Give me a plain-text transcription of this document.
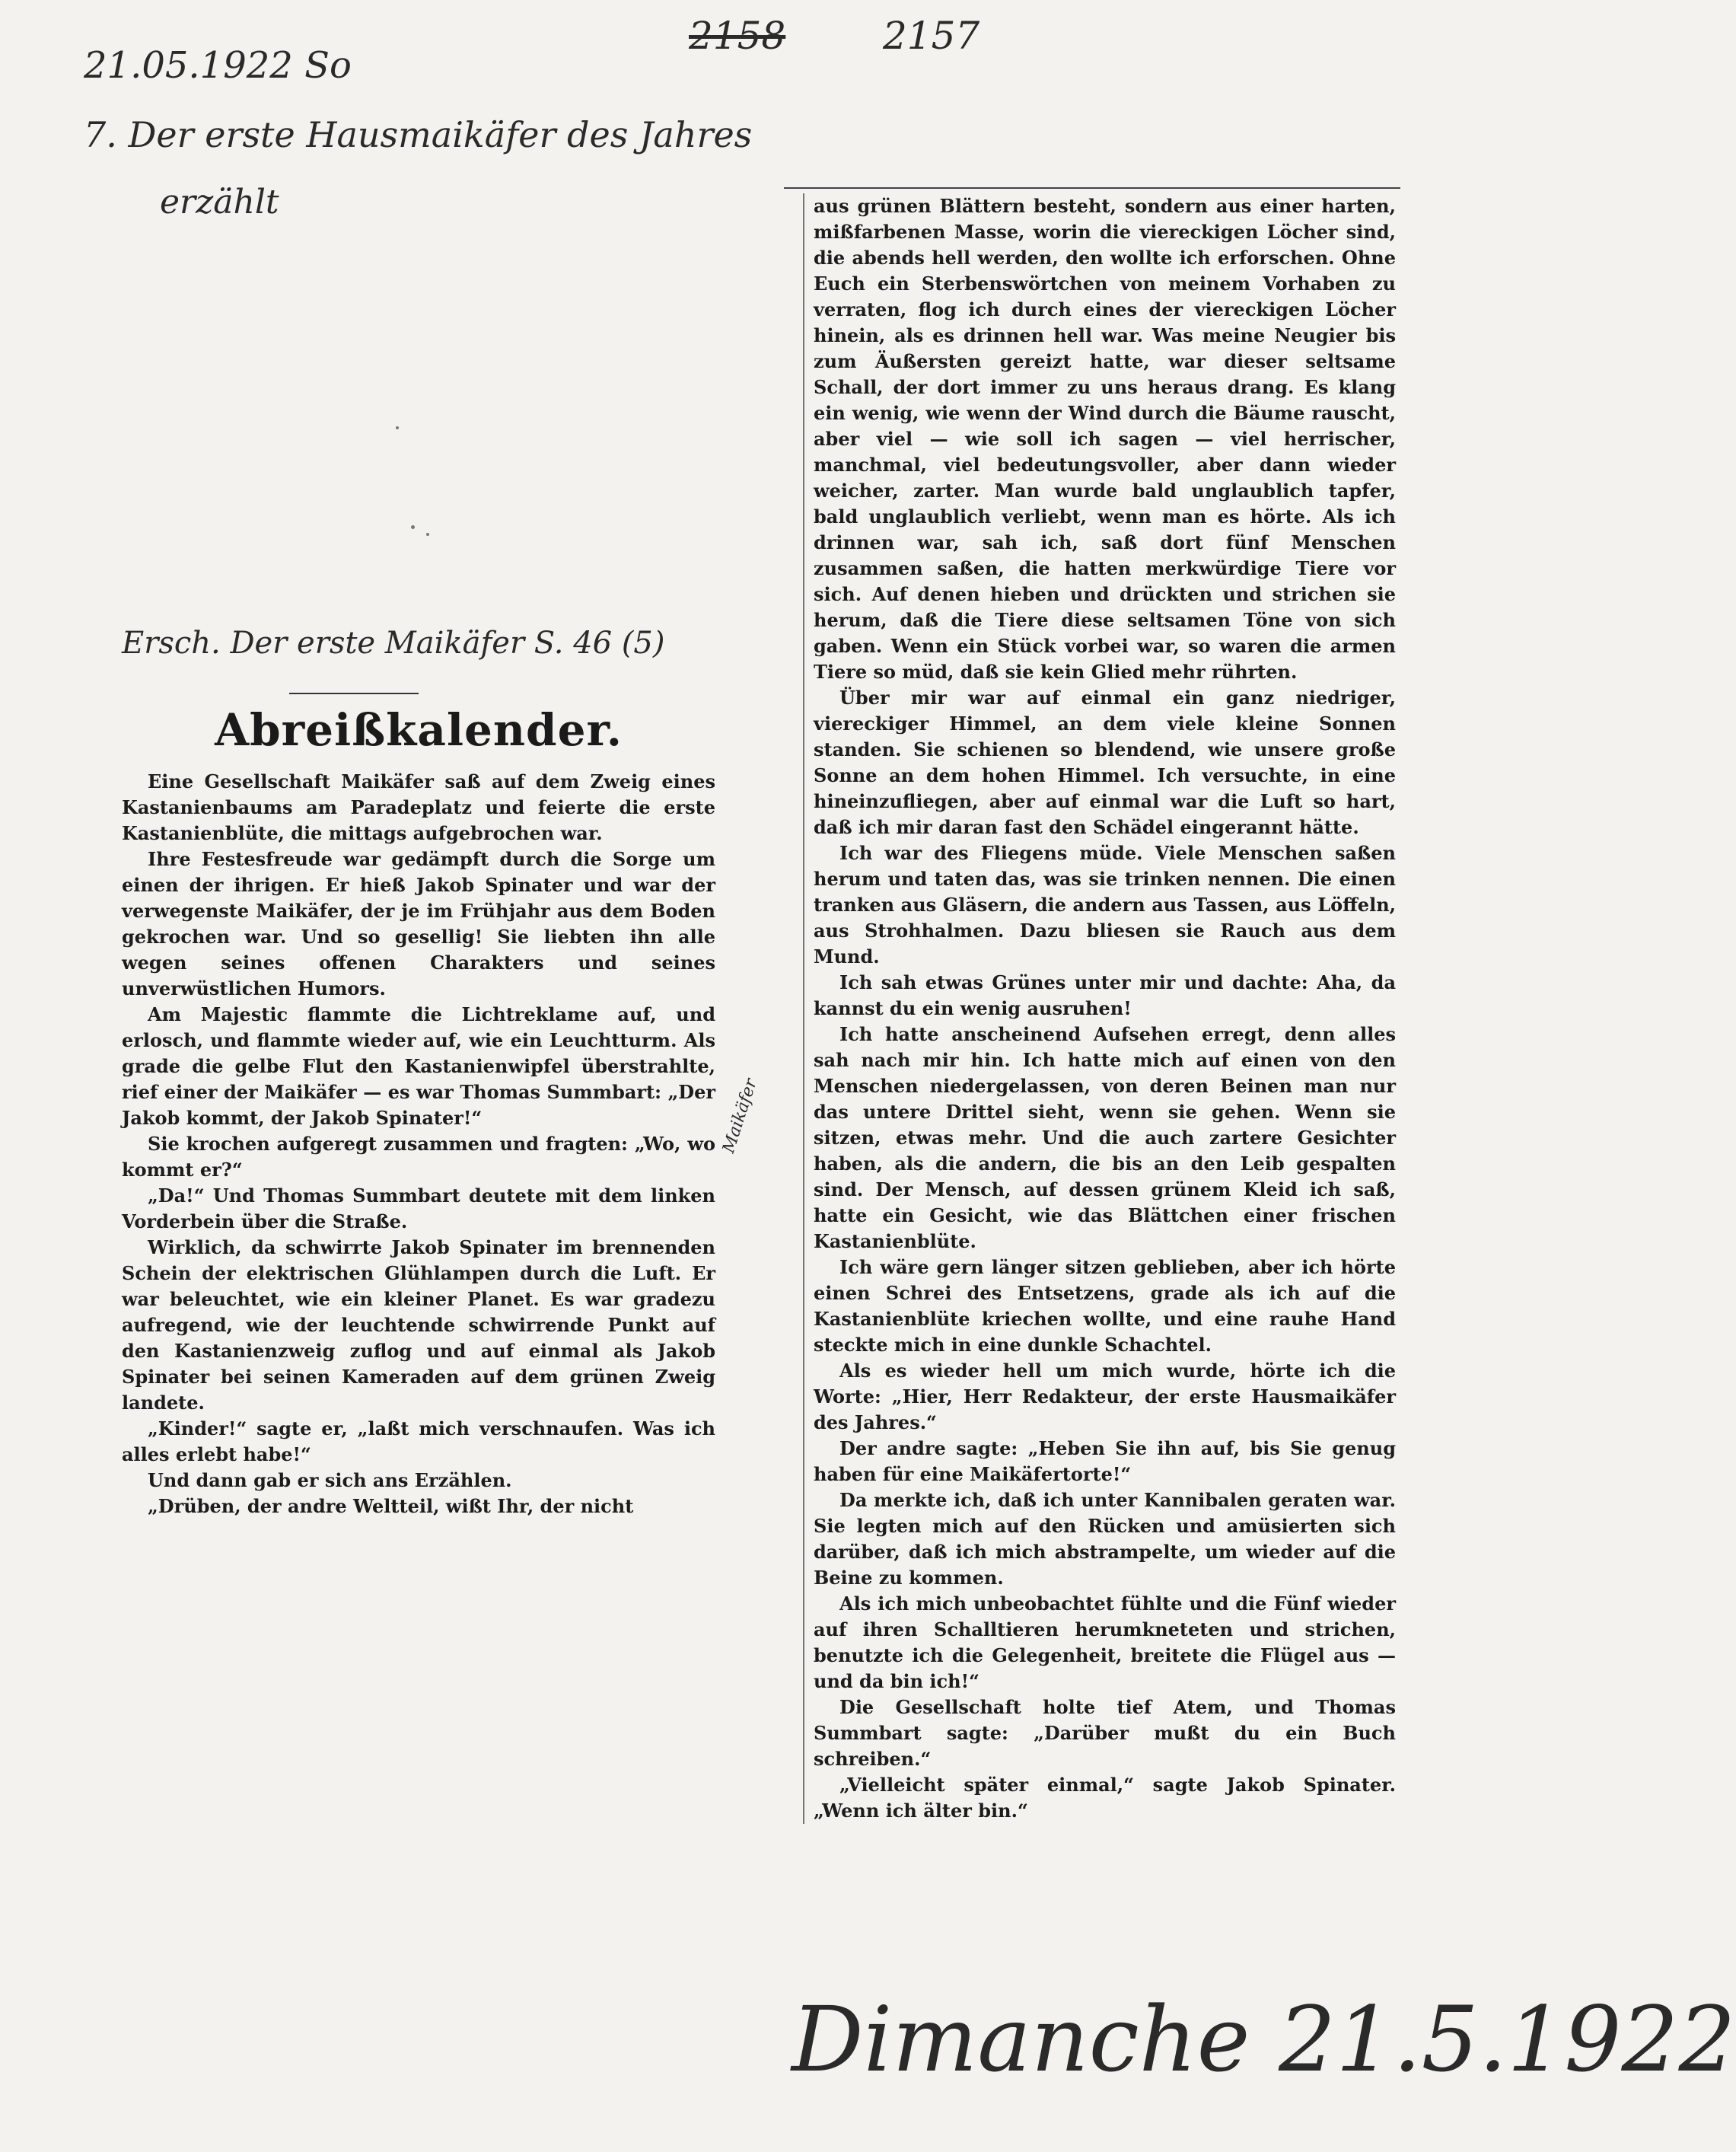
21.05.1922 So
2158	2157
7. Der erste Hausmaikäfer des Jahres
erzählt
Ersch. Der erste Maikäfer S. 46 (5)
Abreißkalender.

Eine Gesellschaft Maikäfer saß auf dem Zweig eines Kastanienbaums am Paradeplatz und feierte die erste Kastanienblüte, die mittags aufgebrochen war.

Ihre Festesfreude war gedämpft durch die Sorge um einen der ihrigen. Er hieß Jakob Spinater und war der verwegenste Maikäfer, der je im Frühjahr aus dem Boden gekrochen war. Und so gesellig! Sie liebten ihn alle wegen seines offenen Charakters und seines unverwüstlichen Humors.

Am Majestic flammte die Lichtreklame auf, und erlosch, und flammte wieder auf, wie ein Leuchtturm. Als grade die gelbe Flut den Kastanienwipfel überstrahlte, rief einer der Maikäfer — es war Thomas Summbart: „Der Jakob kommt, der Jakob Spinater!“

Sie krochen aufgeregt zusammen und fragten: „Wo, wo kommt er?“

„Da!“ Und Thomas Summbart deutete mit dem linken Vorderbein über die Straße.

Wirklich, da schwirrte Jakob Spinater im brennenden Schein der elektrischen Glühlampen durch die Luft. Er war beleuchtet, wie ein kleiner Planet. Es war gradezu aufregend, wie der leuchtende schwirrende Punkt auf den Kastanienzweig zuflog und auf einmal als Jakob Spinater bei seinen Kameraden auf dem grünen Zweig landete.

„Kinder!“ sagte er, „laßt mich verschnaufen. Was ich alles erlebt habe!“

Und dann gab er sich ans Erzählen.

„Drüben, der andre Weltteil, wißt Ihr, der nicht

Maikäfer

aus grünen Blättern besteht, sondern aus einer harten, mißfarbenen Masse, worin die viereckigen Löcher sind, die abends hell werden, den wollte ich erforschen. Ohne Euch ein Sterbenswörtchen von meinem Vorhaben zu verraten, flog ich durch eines der viereckigen Löcher hinein, als es drinnen hell war. Was meine Neugier bis zum Äußersten gereizt hatte, war dieser seltsame Schall, der dort immer zu uns heraus drang. Es klang ein wenig, wie wenn der Wind durch die Bäume rauscht, aber viel — wie soll ich sagen — viel herrischer, manchmal, viel bedeutungsvoller, aber dann wieder weicher, zarter. Man wurde bald unglaublich tapfer, bald unglaublich verliebt, wenn man es hörte. Als ich drinnen war, sah ich, saß dort fünf Menschen zusammen saßen, die hatten merkwürdige Tiere vor sich. Auf denen hieben und drückten und strichen sie herum, daß die Tiere diese seltsamen Töne von sich gaben. Wenn ein Stück vorbei war, so waren die armen Tiere so müd, daß sie kein Glied mehr rührten.

Über mir war auf einmal ein ganz niedriger, viereckiger Himmel, an dem viele kleine Sonnen standen. Sie schienen so blendend, wie unsere große Sonne an dem hohen Himmel. Ich versuchte, in eine hineinzufliegen, aber auf einmal war die Luft so hart, daß ich mir daran fast den Schädel eingerannt hätte.

Ich war des Fliegens müde. Viele Menschen saßen herum und taten das, was sie trinken nennen. Die einen tranken aus Gläsern, die andern aus Tassen, aus Löffeln, aus Strohhalmen. Dazu bliesen sie Rauch aus dem Mund.

Ich sah etwas Grünes unter mir und dachte: Aha, da kannst du ein wenig ausruhen!

Ich hatte anscheinend Aufsehen erregt, denn alles sah nach mir hin. Ich hatte mich auf einen von den Menschen niedergelassen, von deren Beinen man nur das untere Drittel sieht, wenn sie gehen. Wenn sie sitzen, etwas mehr. Und die auch zartere Gesichter haben, als die andern, die bis an den Leib gespalten sind. Der Mensch, auf dessen grünem Kleid ich saß, hatte ein Gesicht, wie das Blättchen einer frischen Kastanienblüte.

Ich wäre gern länger sitzen geblieben, aber ich hörte einen Schrei des Entsetzens, grade als ich auf die Kastanienblüte kriechen wollte, und eine rauhe Hand steckte mich in eine dunkle Schachtel.

Als es wieder hell um mich wurde, hörte ich die Worte: „Hier, Herr Redakteur, der erste Hausmaikäfer des Jahres.“

Der andre sagte: „Heben Sie ihn auf, bis Sie genug haben für eine Maikäfertorte!“

Da merkte ich, daß ich unter Kannibalen geraten war. Sie legten mich auf den Rücken und amüsierten sich darüber, daß ich mich abstrampelte, um wieder auf die Beine zu kommen.

Als ich mich unbeobachtet fühlte und die Fünf wieder auf ihren Schalltieren herumkneteten und strichen, benutzte ich die Gelegenheit, breitete die Flügel aus — und da bin ich!“

Die Gesellschaft holte tief Atem, und Thomas Summbart sagte: „Darüber mußt du ein Buch schreiben.“

„Vielleicht später einmal,“ sagte Jakob Spinater. „Wenn ich älter bin.“

Dimanche 21.5.1922
